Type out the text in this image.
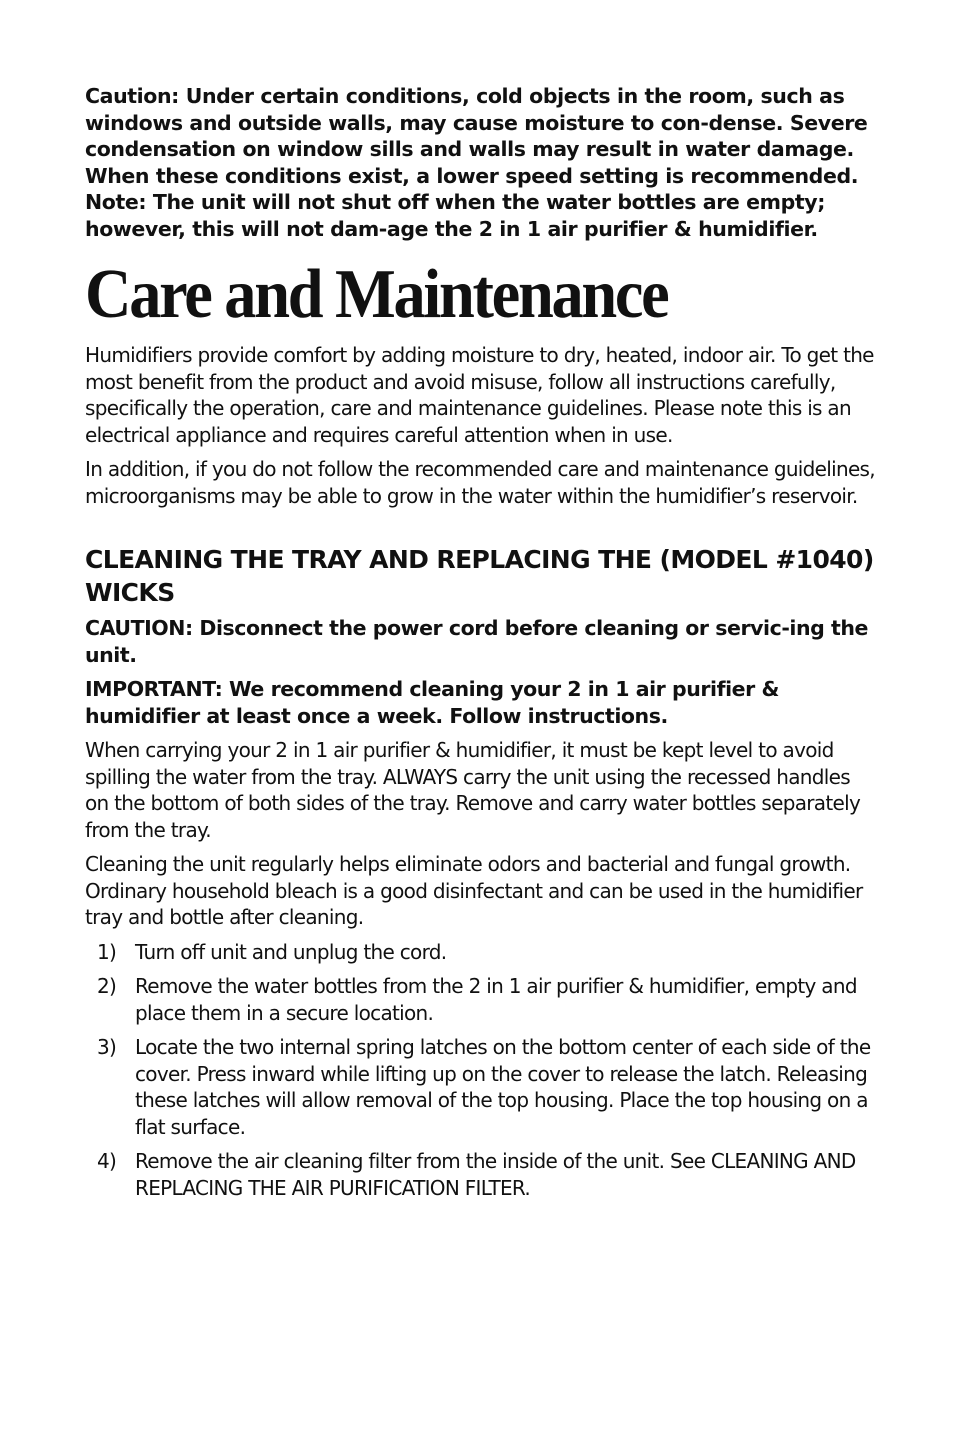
Caution: Under certain conditions, cold objects in the room, such as windows and outside walls, may cause moisture to con-dense. Severe condensation on window sills and walls may result in water damage. When these conditions exist, a lower speed setting is recommended. Note: The unit will not shut off when the water bottles are empty; however, this will not dam-age the 2 in 1 air purifier & humidifier.

Care and Maintenance

Humidifiers provide comfort by adding moisture to dry, heated, indoor air. To get the most benefit from the product and avoid misuse, follow all instructions carefully, specifically the operation, care and maintenance guidelines. Please note this is an electrical appliance and requires careful attention when in use.

In addition, if you do not follow the recommended care and maintenance guidelines, microorganisms may be able to grow in the water within the humidifier’s reservoir.

CLEANING THE TRAY AND REPLACING THE (MODEL #1040) WICKS

CAUTION: Disconnect the power cord before cleaning or servic-ing the unit.

IMPORTANT: We recommend cleaning your 2 in 1 air purifier & humidifier at least once a week. Follow instructions.

When carrying your 2 in 1 air purifier & humidifier, it must be kept level to avoid spilling the water from the tray. ALWAYS carry the unit using the recessed handles on the bottom of both sides of the tray. Remove and carry water bottles separately from the tray.

Cleaning the unit regularly helps eliminate odors and bacterial and fungal growth. Ordinary household bleach is a good disinfectant and can be used in the humidifier tray and bottle after cleaning.

1) Turn off unit and unplug the cord.
2) Remove the water bottles from the 2 in 1 air purifier & humidifier, empty and place them in a secure location.
3) Locate the two internal spring latches on the bottom center of each side of the cover. Press inward while lifting up on the cover to release the latch. Releasing these latches will allow removal of the top housing. Place the top housing on a flat surface.
4) Remove the air cleaning filter from the inside of the unit. See CLEANING AND REPLACING THE AIR PURIFICATION FILTER.
